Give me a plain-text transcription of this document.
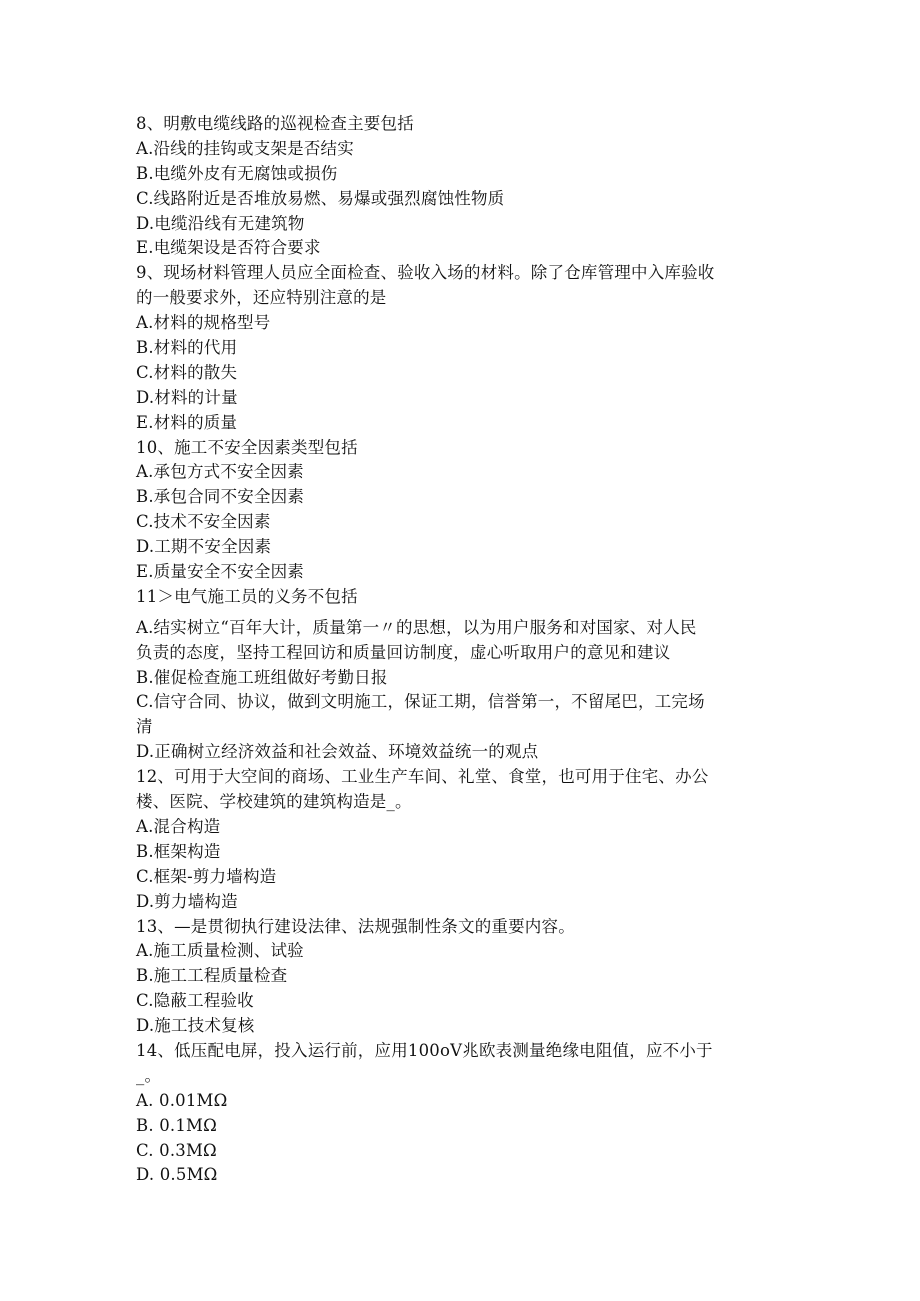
8、明敷电缆线路的巡视检查主要包括
A.沿线的挂钩或支架是否结实
B.电缆外皮有无腐蚀或损伤
C.线路附近是否堆放易燃、易爆或强烈腐蚀性物质
D.电缆沿线有无建筑物
E.电缆架设是否符合要求
9、现场材料管理人员应全面检查、验收入场的材料。除了仓库管理中入库验收
的一般要求外，还应特别注意的是
A.材料的规格型号
B.材料的代用
C.材料的散失
D.材料的计量
E.材料的质量
10、施工不安全因素类型包括
A.承包方式不安全因素
B.承包合同不安全因素
C.技术不安全因素
D.工期不安全因素
E.质量安全不安全因素
11＞电气施工员的义务不包括
A.结实树立“百年大计，质量第一〃的思想，以为用户服务和对国家、对人民
负责的态度，坚持工程回访和质量回访制度，虚心听取用户的意见和建议
B.催促检查施工班组做好考勤日报
C.信守合同、协议，做到文明施工，保证工期，信誉第一，不留尾巴，工完场
清
D.正确树立经济效益和社会效益、环境效益统一的观点
12、可用于大空间的商场、工业生产车间、礼堂、食堂，也可用于住宅、办公
楼、医院、学校建筑的建筑构造是_。
A.混合构造
B.框架构造
C.框架-剪力墙构造
D.剪力墙构造
13、—是贯彻执行建设法律、法规强制性条文的重要内容。
A.施工质量检测、试验
B.施工工程质量检查
C.隐蔽工程验收
D.施工技术复核
14、低压配电屏，投入运行前，应用100oV兆欧表测量绝缘电阻值，应不小于
_。
A. 0.01MΩ
B. 0.1MΩ
C. 0.3MΩ
D. 0.5MΩ
